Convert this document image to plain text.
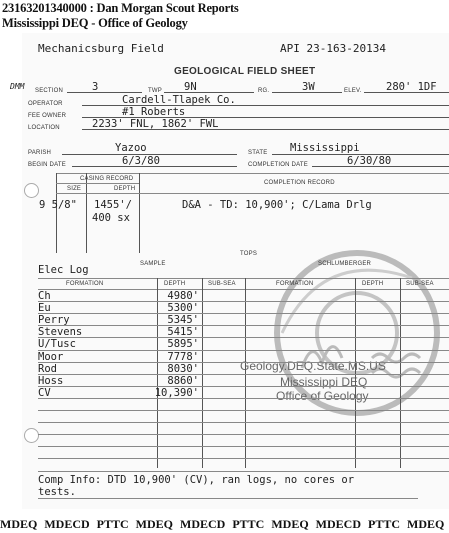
23163201340000 : Dan Morgan Scout Reports
Mississippi DEQ - Office of Geology
Geology.DEQ.State.MS.US
Mississippi DEQ
Office of Geology
Mechanicsburg Field	API 23-163-20134
GEOLOGICAL FIELD SHEET
DMM SECTION	3	TWP 9N	RG.	3W	ELEV. 280' 1DF
OPERATOR	Cardell-Tlapek Co.
FEE OWNER	#1 Roberts
LOCATION	2233' FNL, 1862' FWL
PARISH	Yazoo	STATE Mississippi
BEGIN DATE	6/3/80	COMPLETION DATE	6/30/80
CASING RECORD
SIZE	DEPTH
COMPLETION RECORD
9 5/8" 1455'/	D&A - TD: 10,900'; C/Lama Drlg
400 sx
TOPS
SAMPLE	SCHLUMBERGER
Elec Log
FORMATION	DEPTH	SUB-SEA	FORMATION	DEPTH	SUB-SEA
Ch	4980'
Eu	5300'
Perry	5345'
Stevens	5415'
U/Tusc	5895'
Moor	7778'
Rod	8030'
Hoss	8860'
CV	10,390'
Comp Info: DTD 10,900' (CV), ran logs, no cores or
tests.
MDEQ MDECD PTTC MDEQ MDECD PTTC MDEQ MDECD PTTC MDEQ
